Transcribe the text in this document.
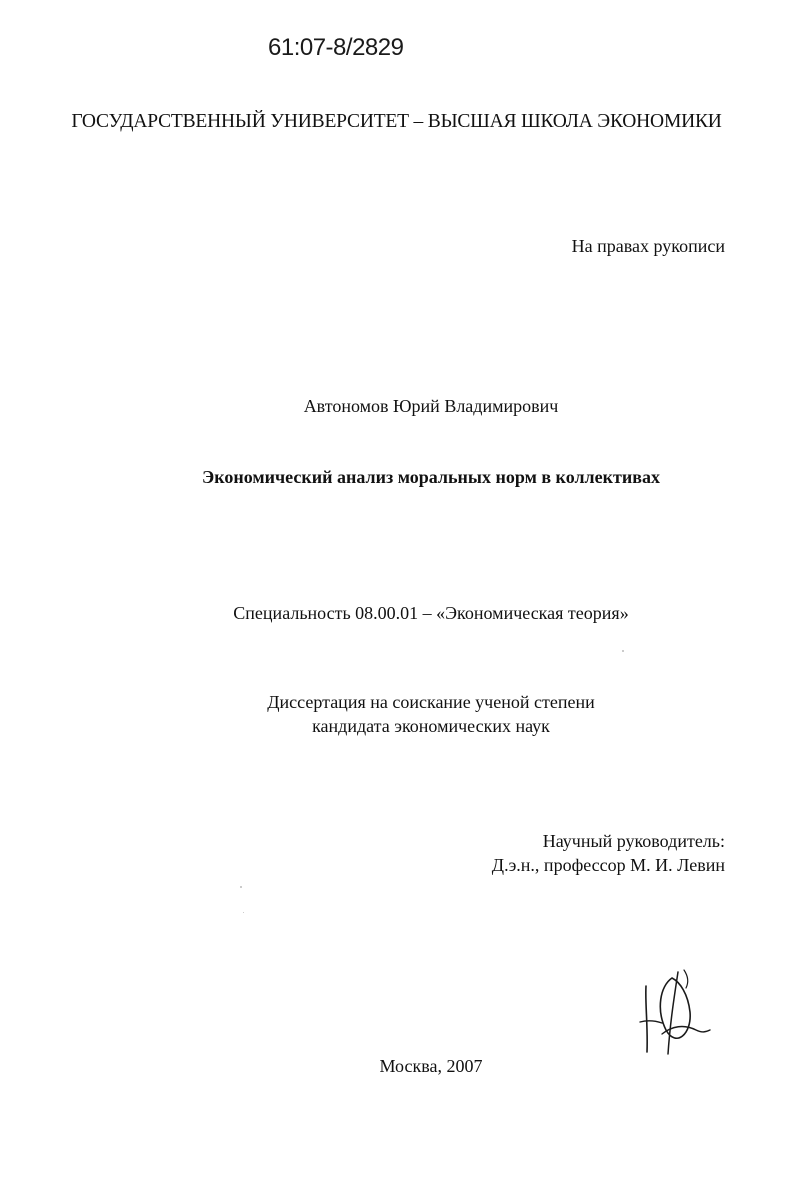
61:07-8/2829
ГОСУДАРСТВЕННЫЙ УНИВЕРСИТЕТ – ВЫСШАЯ ШКОЛА ЭКОНОМИКИ
На правах рукописи
Автономов Юрий Владимирович
Экономический анализ моральных норм в коллективах
Специальность 08.00.01 – «Экономическая теория»
Диссертация на соискание ученой степени
кандидата экономических наук
Научный руководитель:
Д.э.н., профессор М. И. Левин
Москва, 2007
